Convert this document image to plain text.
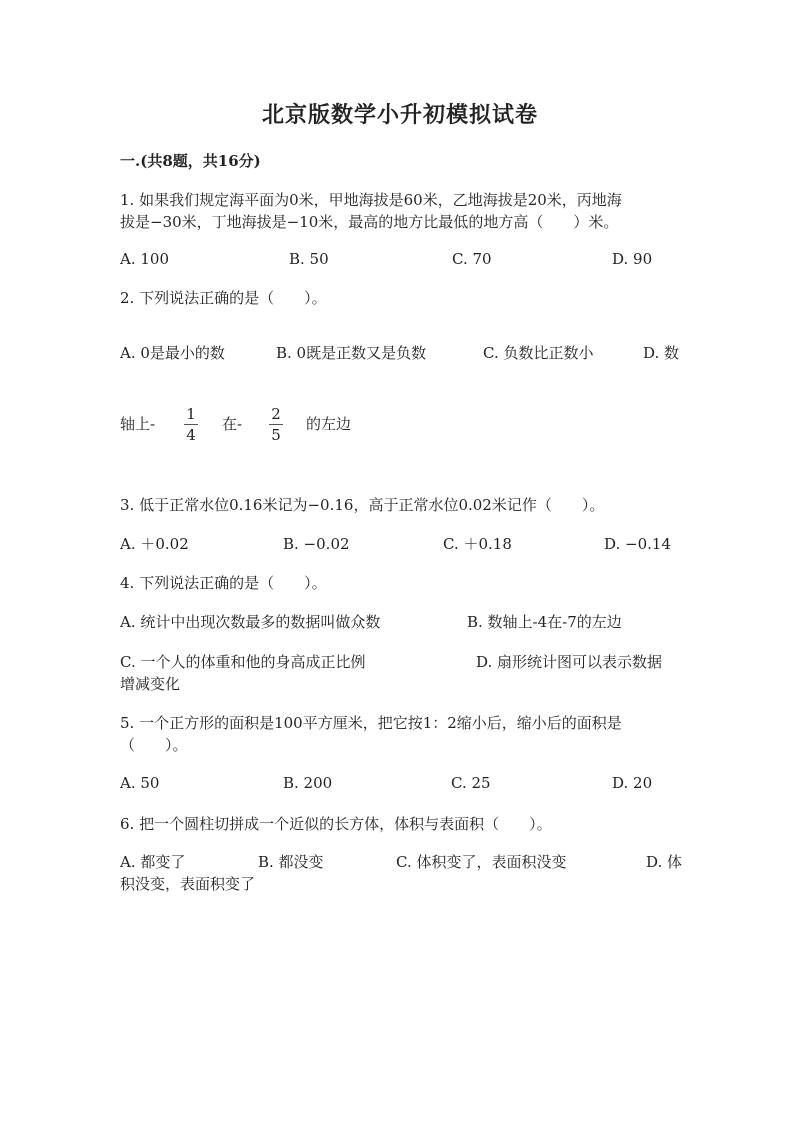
北京版数学小升初模拟试卷
一.(共8题，共16分)
1. 如果我们规定海平面为0米，甲地海拔是60米，乙地海拔是20米，丙地海
拔是−30米，丁地海拔是−10米，最高的地方比最低的地方高（　　）米。
A. 100	B. 50	C. 70	D. 90
2. 下列说法正确的是（　　）。
A. 0是最小的数	B. 0既是正数又是负数	C. 负数比正数小	D. 数
轴上-
1
4
在-
2
5
的左边
3. 低于正常水位0.16米记为−0.16，高于正常水位0.02米记作（　　）。
A. ＋0.02	B. −0.02	C. ＋0.18	D. −0.14
4. 下列说法正确的是（　　）。
A. 统计中出现次数最多的数据叫做众数	B. 数轴上-4在-7的左边
C. 一个人的体重和他的身高成正比例	D. 扇形统计图可以表示数据
增减变化
5. 一个正方形的面积是100平方厘米，把它按1：2缩小后，缩小后的面积是
（　　）。
A. 50	B. 200	C. 25	D. 20
6. 把一个圆柱切拼成一个近似的长方体，体积与表面积（　　）。
A. 都变了	B. 都没变	C. 体积变了，表面积没变	D. 体
积没变，表面积变了
